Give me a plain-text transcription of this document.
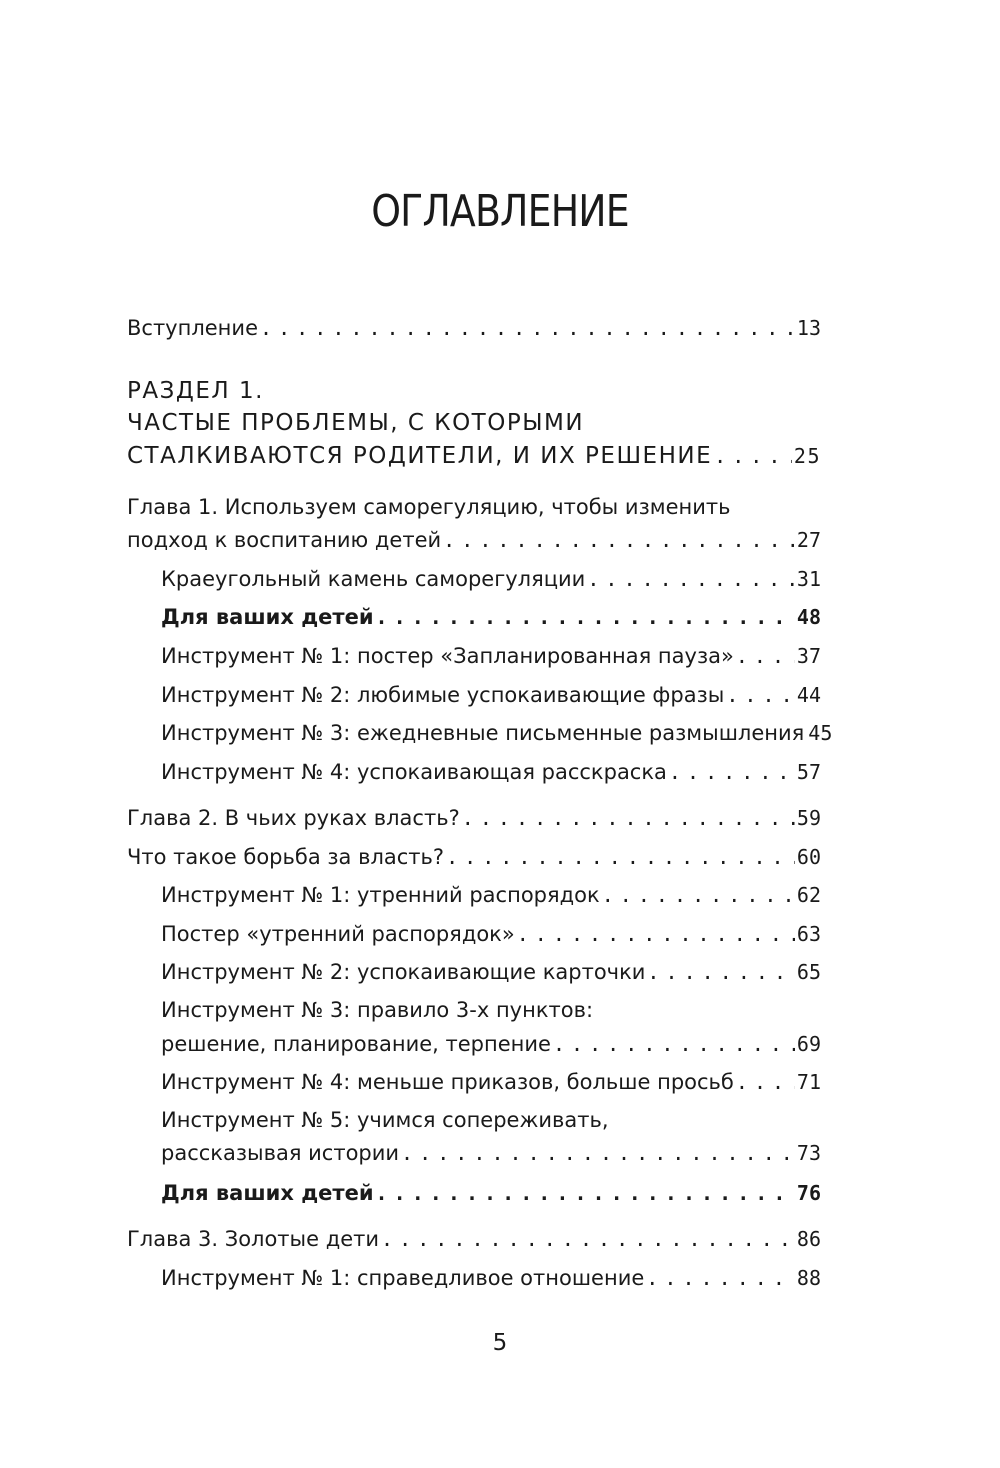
ОГЛАВЛЕНИЕ
Вступление . . .	13
РАЗДЕЛ 1.
ЧАСТЫЕ ПРОБЛЕМЫ, С КОТОРЫМИ
СТАЛКИВАЮТСЯ РОДИТЕЛИ, И ИХ РЕШЕНИЕ . . .	25
Глава 1. Используем саморегуляцию, чтобы изменить
подход к воспитанию детей . . .	27
Краеугольный камень саморегуляции . . .	31
Для ваших детей . . .	48
Инструмент № 1: постер «Запланированная пауза» . . .	37
Инструмент № 2: любимые успокаивающие фразы . . .	44
Инструмент № 3: ежедневные письменные размышления 45
Инструмент № 4: успокаивающая расскраска . . .	57
Глава 2. В чьих руках власть? . . .	59
Что такое борьба за власть? . . .	60
Инструмент № 1: утренний распорядок . . .	62
Постер «утренний распорядок» . . .	63
Инструмент № 2: успокаивающие карточки . . .	65
Инструмент № 3: правило 3-х пунктов:
решение, планирование, терпение . . .	69
Инструмент № 4: меньше приказов, больше просьб . . .	71
Инструмент № 5: учимся сопереживать,
рассказывая истории . . .	73
Для ваших детей . . .	76
Глава 3. Золотые дети . . .	86
Инструмент № 1: справедливое отношение . . .	88
5
